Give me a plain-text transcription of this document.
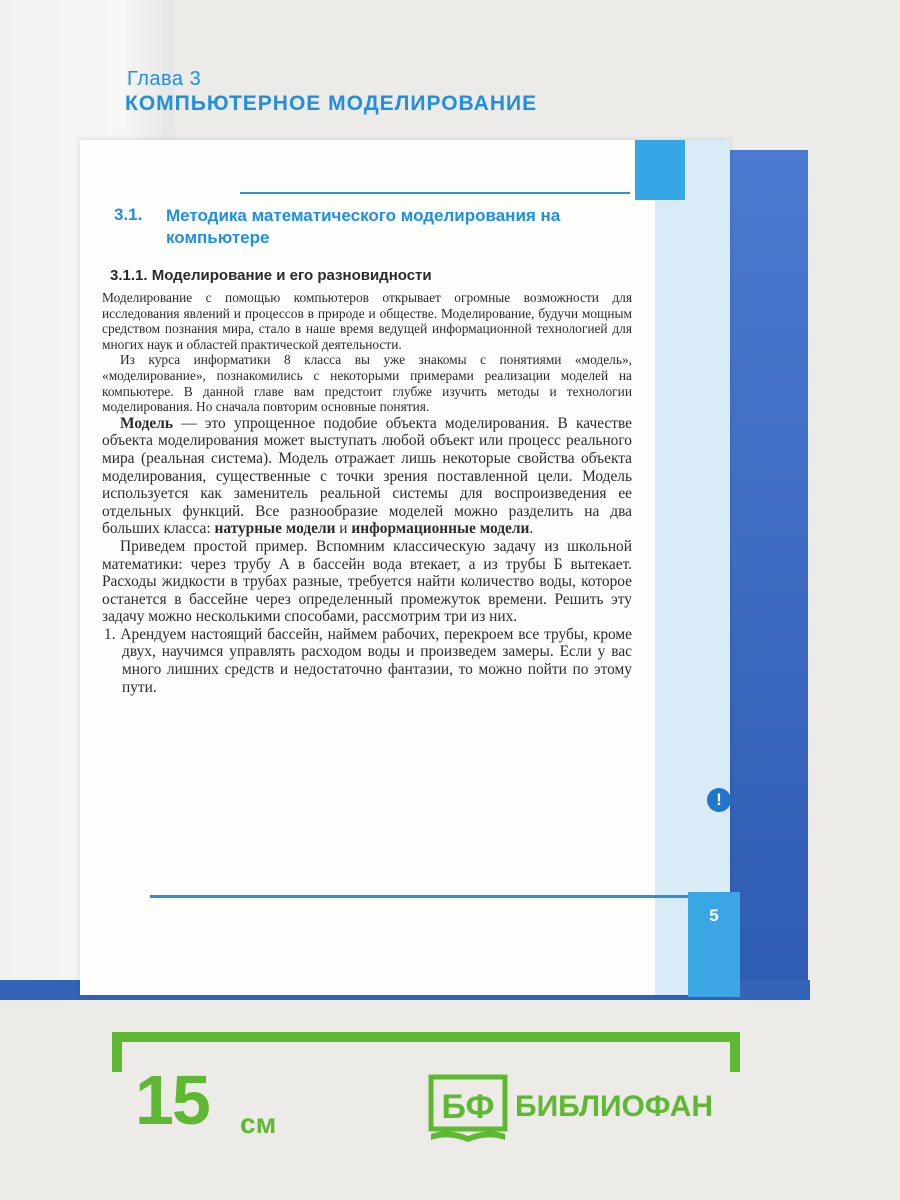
5
!
Глава 3
КОМПЬЮТЕРНОЕ МОДЕЛИРОВАНИЕ
3.1. Методика математического моделирования на компьютере
3.1.1. Моделирование и его разновидности

Моделирование с помощью компьютеров открывает огромные возможности для исследования явлений и процессов в природе и обществе. Моделирование, будучи мощным средством познания мира, стало в наше время ведущей информационной технологией для многих наук и областей практической деятельности.

Из курса информатики 8 класса вы уже знакомы с понятиями «модель», «моделирование», познакомились с некоторыми примерами реализации моделей на компьютере. В данной главе вам предстоит глубже изучить методы и технологии моделирования. Но сначала повторим основные понятия.

Модель — это упрощенное подобие объекта моделирования. В качестве объекта моделирования может выступать любой объект или процесс реального мира (реальная система). Модель отражает лишь некоторые свойства объекта моделирования, существенные с точки зрения поставленной цели. Модель используется как заменитель реальной системы для воспроизведения ее отдельных функций. Все разнообразие моделей можно разделить на два больших класса: натурные модели и информационные модели.

Приведем простой пример. Вспомним классическую задачу из школьной математики: через трубу А в бассейн вода втекает, а из трубы Б вытекает. Расходы жидкости в трубах разные, требуется найти количество воды, которое останется в бассейне через определенный промежуток времени. Решить эту задачу можно несколькими способами, рассмотрим три из них.

1. Арендуем настоящий бассейн, наймем рабочих, перекроем все трубы, кроме двух, научимся управлять расходом воды и произведем замеры. Если у вас много лишних средств и недостаточно фантазии, то можно пойти по этому пути.

15 см	БФ БИБЛИОФАН
